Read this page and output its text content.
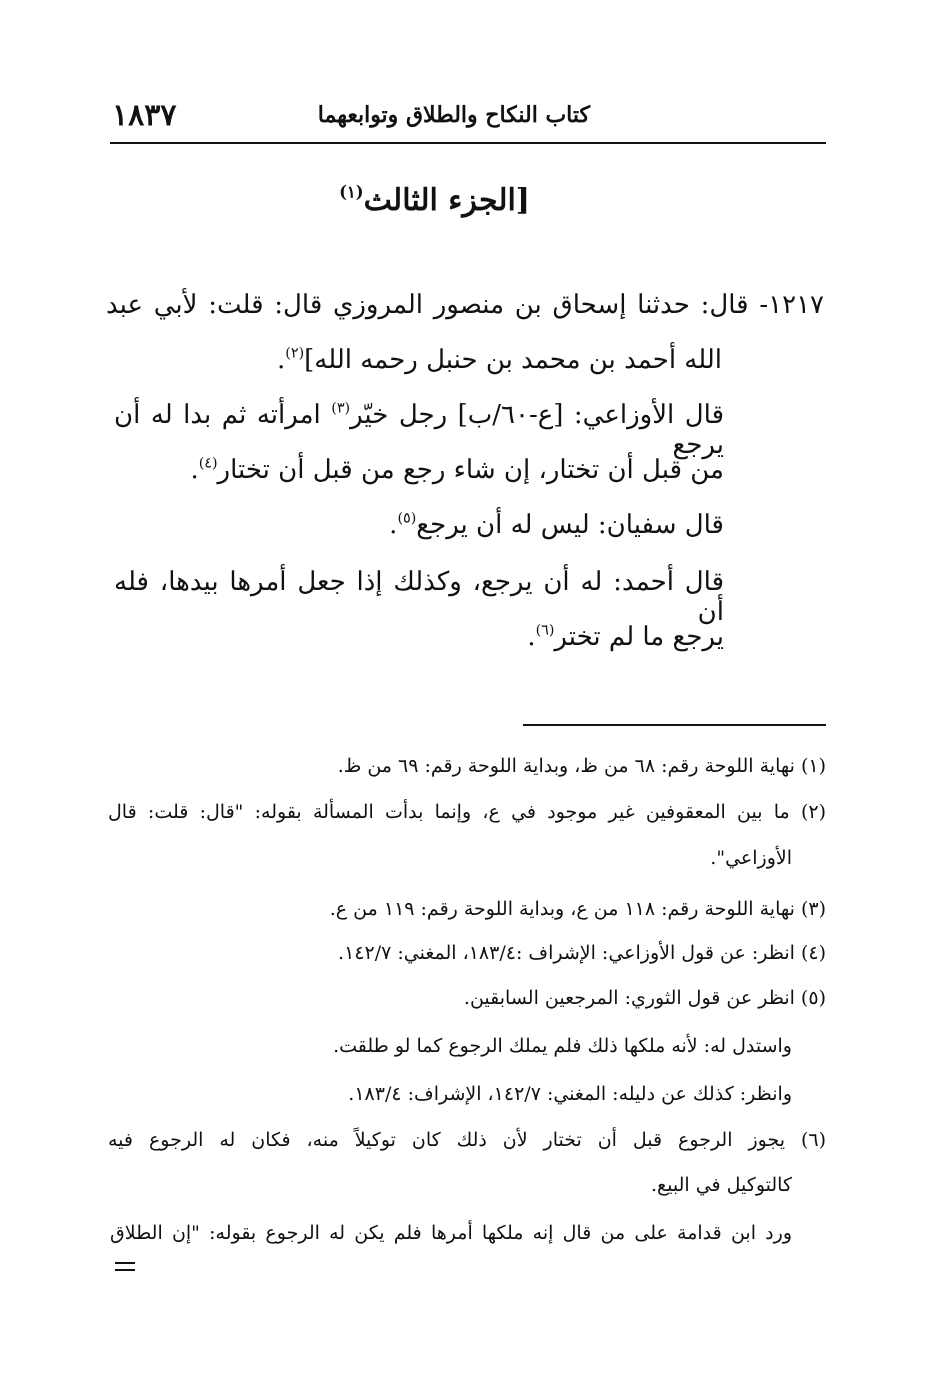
كتاب النكاح والطلاق وتوابعهما
١٨٣٧
[الجزء الثالث$^{(١)}$
١٢١٧- قال: حدثنا إسحاق بن منصور المروزي قال: قلت: لأبي عبد
الله أحمد بن محمد بن حنبل رحمه الله]$^{(٢)}$.
قال الأوزاعي: [ع-٦٠/ب] رجل خيّر$^{(٣)}$ امرأته ثم بدا له أن يرجع
من قبل أن تختار، إن شاء رجع من قبل أن تختار$^{(٤)}$.
قال سفيان: ليس له أن يرجع$^{(٥)}$.
قال أحمد: له أن يرجع، وكذلك إذا جعل أمرها بيدها، فله أن
يرجع ما لم تختر$^{(٦)}$.
(١) نهاية اللوحة رقم: ٦٨ من ظ، وبداية اللوحة رقم: ٦٩ من ظ.
(٢) ما بين المعقوفين غير موجود في ع، وإنما بدأت المسألة بقوله: "قال: قلت: قال
الأوزاعي".
(٣) نهاية اللوحة رقم: ١١٨ من ع، وبداية اللوحة رقم: ١١٩ من ع.
(٤) انظر: عن قول الأوزاعي: الإشراف :١٨٣/٤، المغني: ١٤٢/٧.
(٥) انظر عن قول الثوري: المرجعين السابقين.
واستدل له: لأنه ملكها ذلك فلم يملك الرجوع كما لو طلقت.
وانظر: كذلك عن دليله: المغني: ١٤٢/٧، الإشراف: ١٨٣/٤.
(٦) يجوز الرجوع قبل أن تختار لأن ذلك كان توكيلاً منه، فكان له الرجوع فيه
كالتوكيل في البيع.
ورد ابن قدامة على من قال إنه ملكها أمرها فلم يكن له الرجوع بقوله: "إن الطلاق
